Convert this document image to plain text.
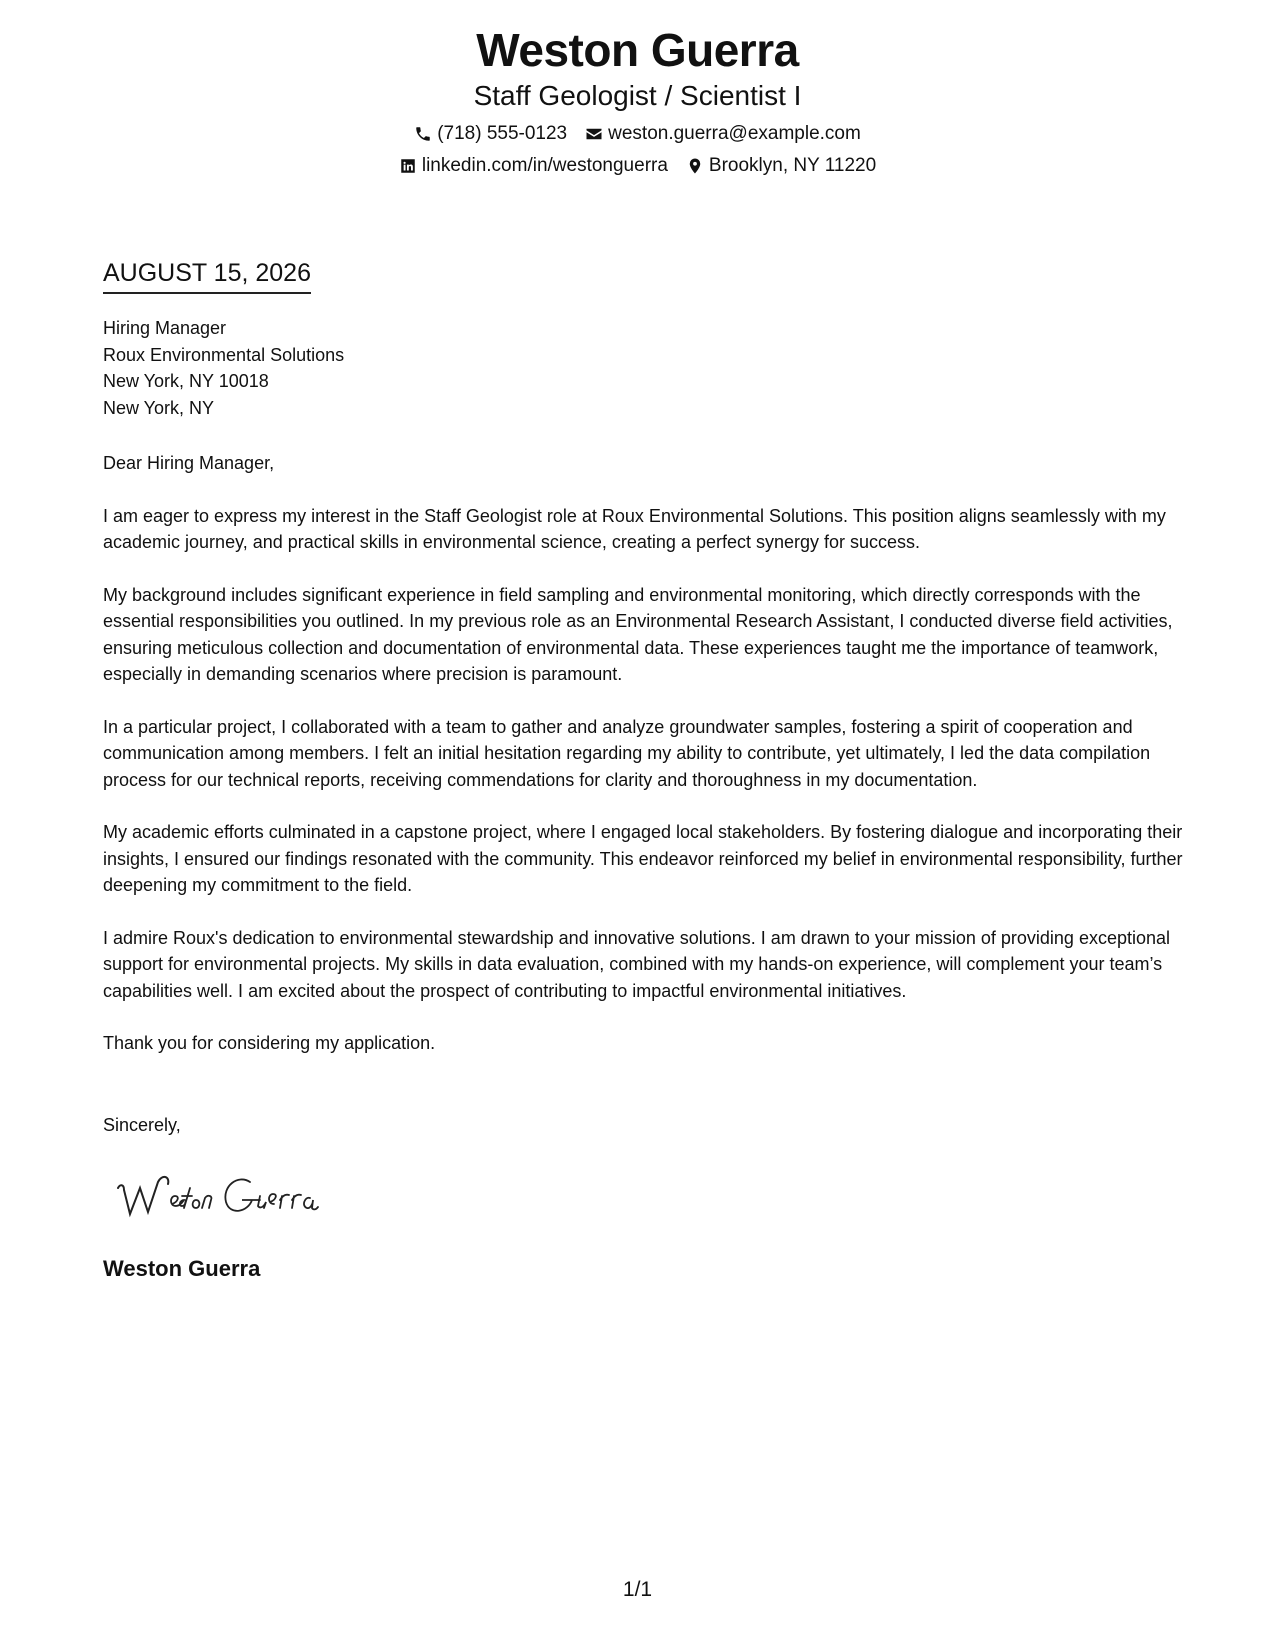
Weston Guerra
Staff Geologist / Scientist I
(718) 555-0123 weston.guerra@example.com
linkedin.com/in/westonguerra Brooklyn, NY 11220
AUGUST 15, 2026
Hiring Manager
Roux Environmental Solutions
New York, NY 10018
New York, NY

Dear Hiring Manager,

I am eager to express my interest in the Staff Geologist role at Roux Environmental Solutions. This position aligns seamlessly with my academic journey, and practical skills in environmental science, creating a perfect synergy for success.

My background includes significant experience in field sampling and environmental monitoring, which directly corresponds with the essential responsibilities you outlined. In my previous role as an Environmental Research Assistant, I conducted diverse field activities, ensuring meticulous collection and documentation of environmental data. These experiences taught me the importance of teamwork, especially in demanding scenarios where precision is paramount.

In a particular project, I collaborated with a team to gather and analyze groundwater samples, fostering a spirit of cooperation and communication among members. I felt an initial hesitation regarding my ability to contribute, yet ultimately, I led the data compilation process for our technical reports, receiving commendations for clarity and thoroughness in my documentation.

My academic efforts culminated in a capstone project, where I engaged local stakeholders. By fostering dialogue and incorporating their insights, I ensured our findings resonated with the community. This endeavor reinforced my belief in environmental responsibility, further deepening my commitment to the field.

I admire Roux's dedication to environmental stewardship and innovative solutions. I am drawn to your mission of providing exceptional support for environmental projects. My skills in data evaluation, combined with my hands-on experience, will complement your team’s capabilities well. I am excited about the prospect of contributing to impactful environmental initiatives.

Thank you for considering my application.

Sincerely,
Weston Guerra
1/1
